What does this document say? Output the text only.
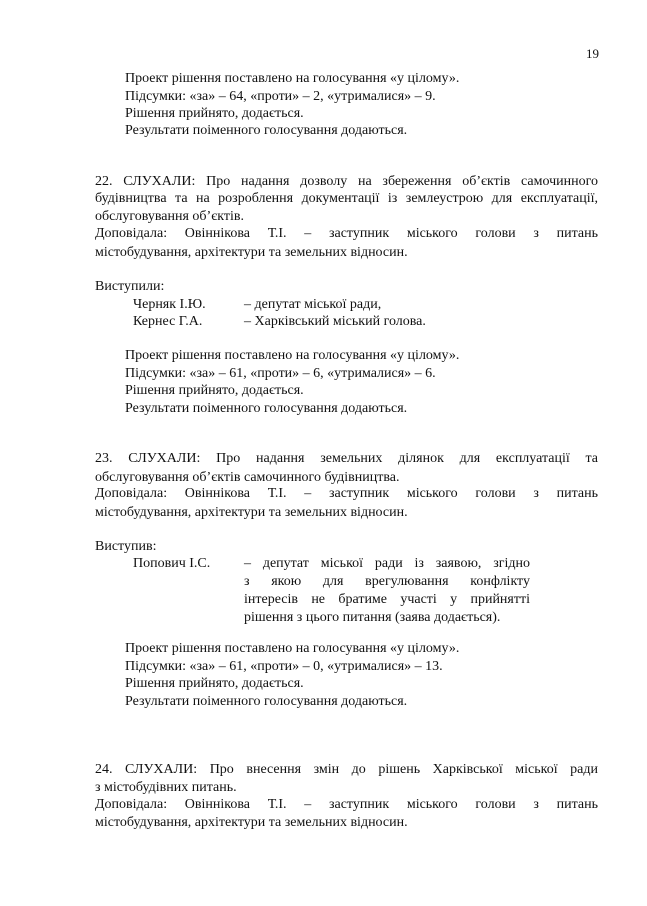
19
Проект рішення поставлено на голосування «у цілому».
Підсумки: «за» – 64, «проти» – 2, «утрималися» – 9.
Рішення прийнято, додається.
Результати поіменного голосування додаються.
22. СЛУХАЛИ: Про надання дозволу на збереження об’єктів самочинного
будівництва та на розроблення документації із землеустрою для експлуатації,
обслуговування об’єктів.
Доповідала: Овіннікова Т.І. – заступник міського голови з питань
містобудування, архітектури та земельних відносин.
Виступили:
Черняк І.Ю.	– депутат міської ради,
Кернес Г.А.	– Харківський міський голова.
Проект рішення поставлено на голосування «у цілому».
Підсумки: «за» – 61, «проти» – 6, «утрималися» – 6.
Рішення прийнято, додається.
Результати поіменного голосування додаються.
23. СЛУХАЛИ: Про надання земельних ділянок для експлуатації та
обслуговування об’єктів самочинного будівництва.
Доповідала: Овіннікова Т.І. – заступник міського голови з питань
містобудування, архітектури та земельних відносин.
Виступив:
Попович І.С. – депутат міської ради із заявою, згідно
з якою для врегулювання конфлікту
інтересів не братиме участі у прийнятті
рішення з цього питання (заява додається).
Проект рішення поставлено на голосування «у цілому».
Підсумки: «за» – 61, «проти» – 0, «утрималися» – 13.
Рішення прийнято, додається.
Результати поіменного голосування додаються.
24. СЛУХАЛИ: Про внесення змін до рішень Харківської міської ради
з містобудівних питань.
Доповідала: Овіннікова Т.І. – заступник міського голови з питань
містобудування, архітектури та земельних відносин.
